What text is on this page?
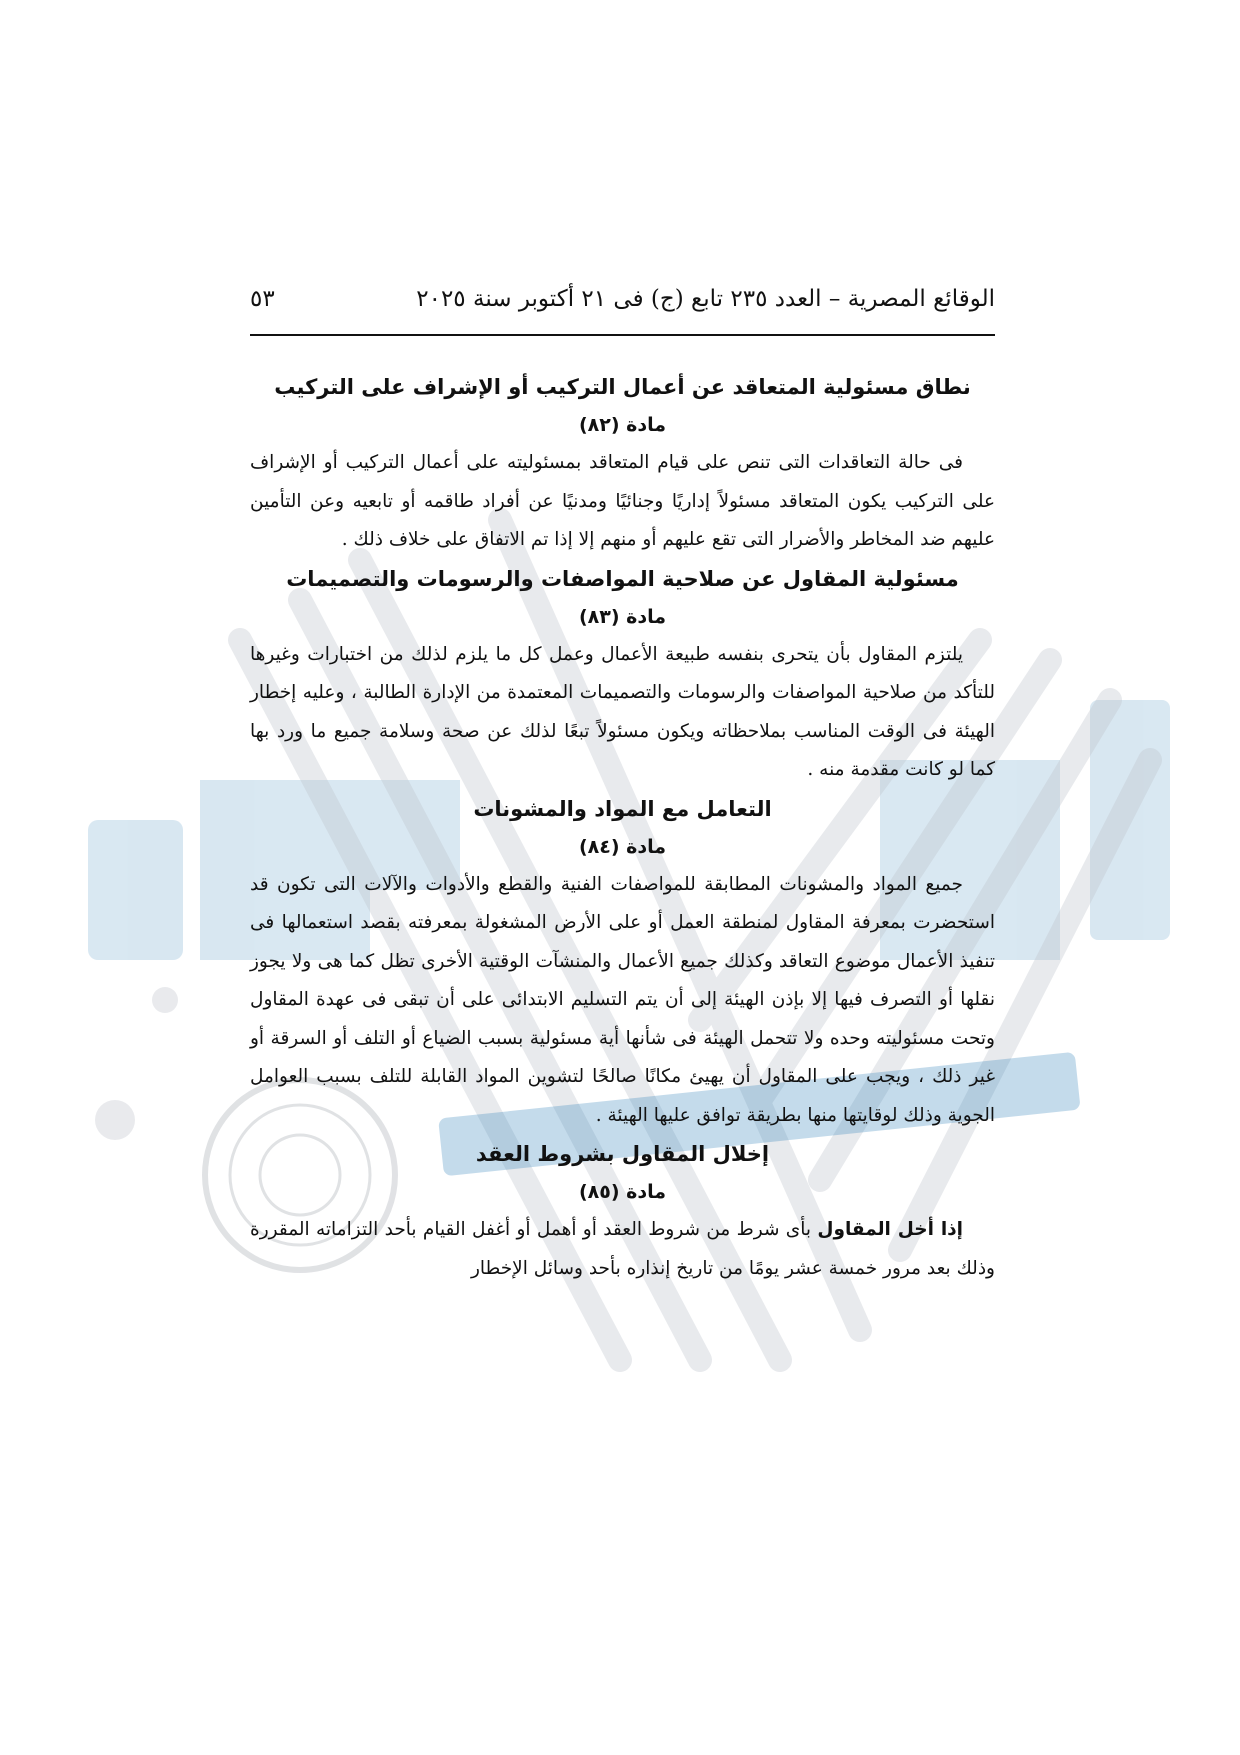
الوقائع المصرية – العدد ٢٣٥ تابع (ج) فى ٢١ أكتوبر سنة ٢٠٢٥
٥٣

نطاق مسئولية المتعاقد عن أعمال التركيب أو الإشراف على التركيب

مادة (٨٢)

فى حالة التعاقدات التى تنص على قيام المتعاقد بمسئوليته على أعمال التركيب أو الإشراف على التركيب يكون المتعاقد مسئولاً إداريًا وجنائيًا ومدنيًا عن أفراد طاقمه أو تابعيه وعن التأمين عليهم ضد المخاطر والأضرار التى تقع عليهم أو منهم إلا إذا تم الاتفاق على خلاف ذلك .

مسئولية المقاول عن صلاحية المواصفات والرسومات والتصميمات

مادة (٨٣)

يلتزم المقاول بأن يتحرى بنفسه طبيعة الأعمال وعمل كل ما يلزم لذلك من اختبارات وغيرها للتأكد من صلاحية المواصفات والرسومات والتصميمات المعتمدة من الإدارة الطالبة ، وعليه إخطار الهيئة فى الوقت المناسب بملاحظاته ويكون مسئولاً تبعًا لذلك عن صحة وسلامة جميع ما ورد بها كما لو كانت مقدمة منه .

التعامل مع المواد والمشونات

مادة (٨٤)

جميع المواد والمشونات المطابقة للمواصفات الفنية والقطع والأدوات والآلات التى تكون قد استحضرت بمعرفة المقاول لمنطقة العمل أو على الأرض المشغولة بمعرفته بقصد استعمالها فى تنفيذ الأعمال موضوع التعاقد وكذلك جميع الأعمال والمنشآت الوقتية الأخرى تظل كما هى ولا يجوز نقلها أو التصرف فيها إلا بإذن الهيئة إلى أن يتم التسليم الابتدائى على أن تبقى فى عهدة المقاول وتحت مسئوليته وحده ولا تتحمل الهيئة فى شأنها أية مسئولية بسبب الضياع أو التلف أو السرقة أو غير ذلك ، ويجب على المقاول أن يهيئ مكانًا صالحًا لتشوين المواد القابلة للتلف بسبب العوامل الجوية وذلك لوقايتها منها بطريقة توافق عليها الهيئة .

إخلال المقاول بشروط العقد

مادة (٨٥)

إذا أخل المقاول بأى شرط من شروط العقد أو أهمل أو أغفل القيام بأحد التزاماته المقررة وذلك بعد مرور خمسة عشر يومًا من تاريخ إنذاره بأحد وسائل الإخطار
